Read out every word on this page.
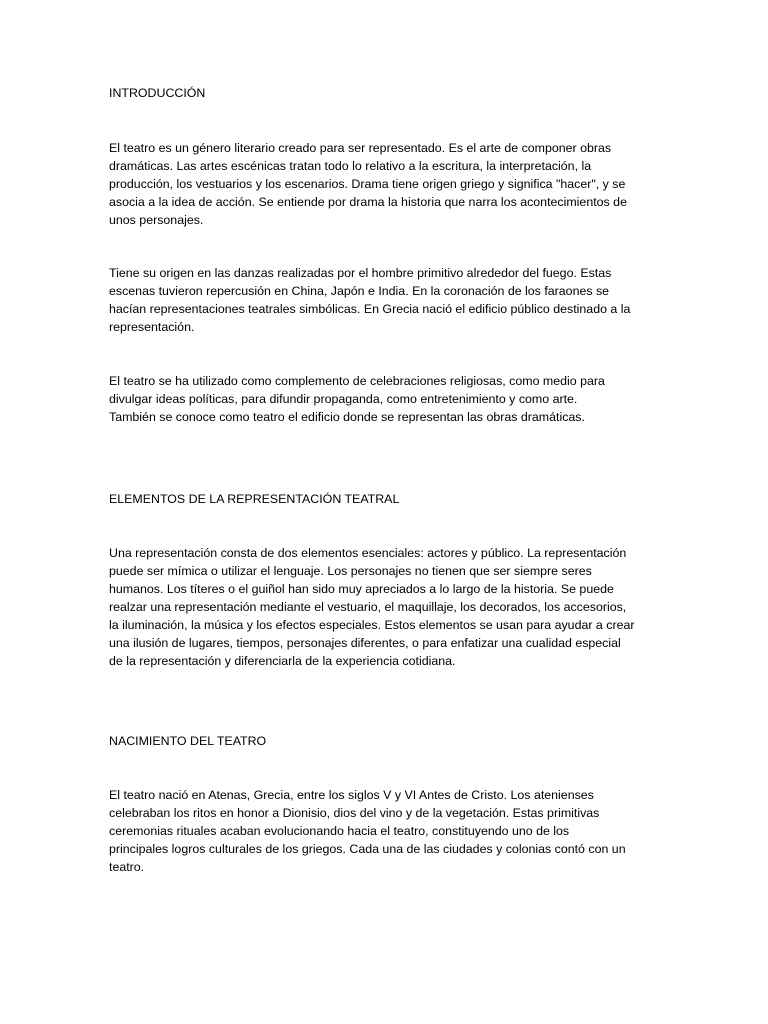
INTRODUCCIÓN

El teatro es un género literario creado para ser representado. Es el arte de componer obras
dramáticas. Las artes escénicas tratan todo lo relativo a la escritura, la interpretación, la
producción, los vestuarios y los escenarios. Drama tiene origen griego y significa "hacer", y se
asocia a la idea de acción. Se entiende por drama la historia que narra los acontecimientos de
unos personajes.

Tiene su origen en las danzas realizadas por el hombre primitivo alrededor del fuego. Estas
escenas tuvieron repercusión en China, Japón e India. En la coronación de los faraones se
hacían representaciones teatrales simbólicas. En Grecia nació el edificio público destinado a la
representación.

El teatro se ha utilizado como complemento de celebraciones religiosas, como medio para
divulgar ideas políticas, para difundir propaganda, como entretenimiento y como arte.
También se conoce como teatro el edificio donde se representan las obras dramáticas.

ELEMENTOS DE LA REPRESENTACIÓN TEATRAL

Una representación consta de dos elementos esenciales: actores y público. La representación
puede ser mímica o utilizar el lenguaje. Los personajes no tienen que ser siempre seres
humanos. Los títeres o el guiñol han sido muy apreciados a lo largo de la historia. Se puede
realzar una representación mediante el vestuario, el maquillaje, los decorados, los accesorios,
la iluminación, la música y los efectos especiales. Estos elementos se usan para ayudar a crear
una ilusión de lugares, tiempos, personajes diferentes, o para enfatizar una cualidad especial
de la representación y diferenciarla de la experiencia cotidiana.

NACIMIENTO DEL TEATRO

El teatro nació en Atenas, Grecia, entre los siglos V y VI Antes de Cristo. Los atenienses
celebraban los ritos en honor a Dionisio, dios del vino y de la vegetación. Estas primitivas
ceremonias rituales acaban evolucionando hacia el teatro, constituyendo uno de los
principales logros culturales de los griegos. Cada una de las ciudades y colonias contó con un
teatro.
